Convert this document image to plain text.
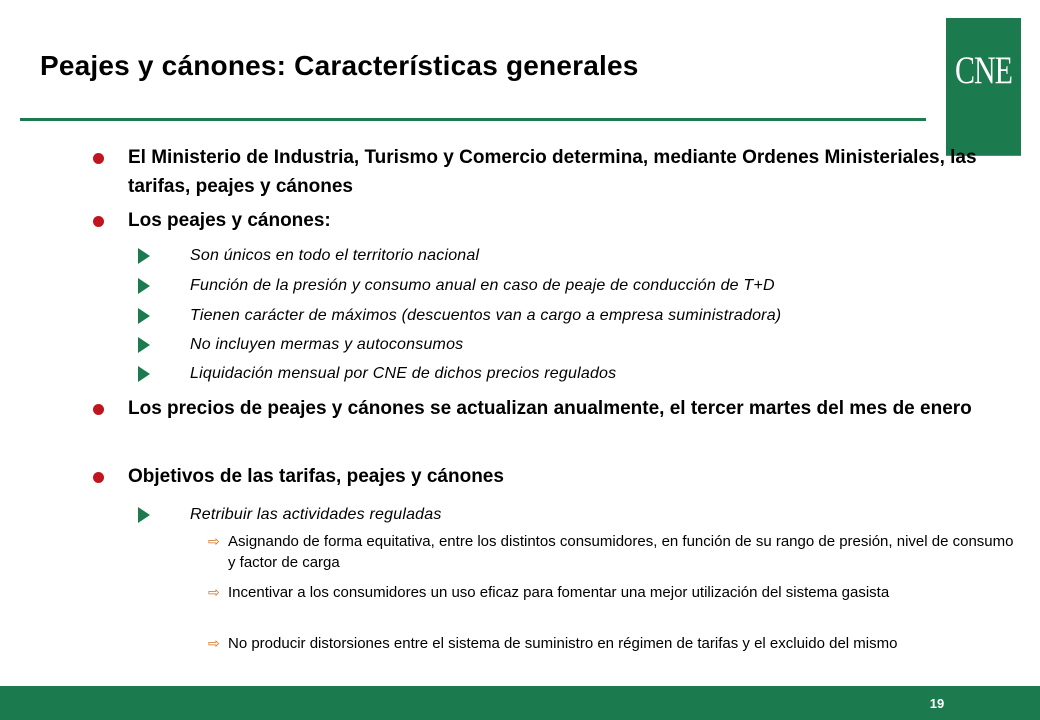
Peajes y cánones: Características generales	CNE
El Ministerio de Industria, Turismo y Comercio determina, mediante Ordenes Ministeriales, las tarifas, peajes y cánones
Los peajes y cánones:
Son únicos en todo el territorio nacional
Función de la presión y consumo anual en caso de peaje de conducción de T+D
Tienen carácter de máximos (descuentos van a cargo a empresa suministradora)
No incluyen mermas y autoconsumos
Liquidación mensual por CNE de dichos precios regulados
Los precios de peajes y cánones se actualizan anualmente, el tercer martes del mes de enero
Objetivos de las tarifas, peajes y cánones
Retribuir las actividades reguladas
⇨ Asignando de forma equitativa, entre los distintos consumidores, en función de su rango de presión, nivel de consumo y factor de carga
⇨ Incentivar a los consumidores un uso eficaz para fomentar una mejor utilización del sistema gasista
⇨ No producir distorsiones entre el sistema de suministro en régimen de tarifas y el excluido del mismo
19
